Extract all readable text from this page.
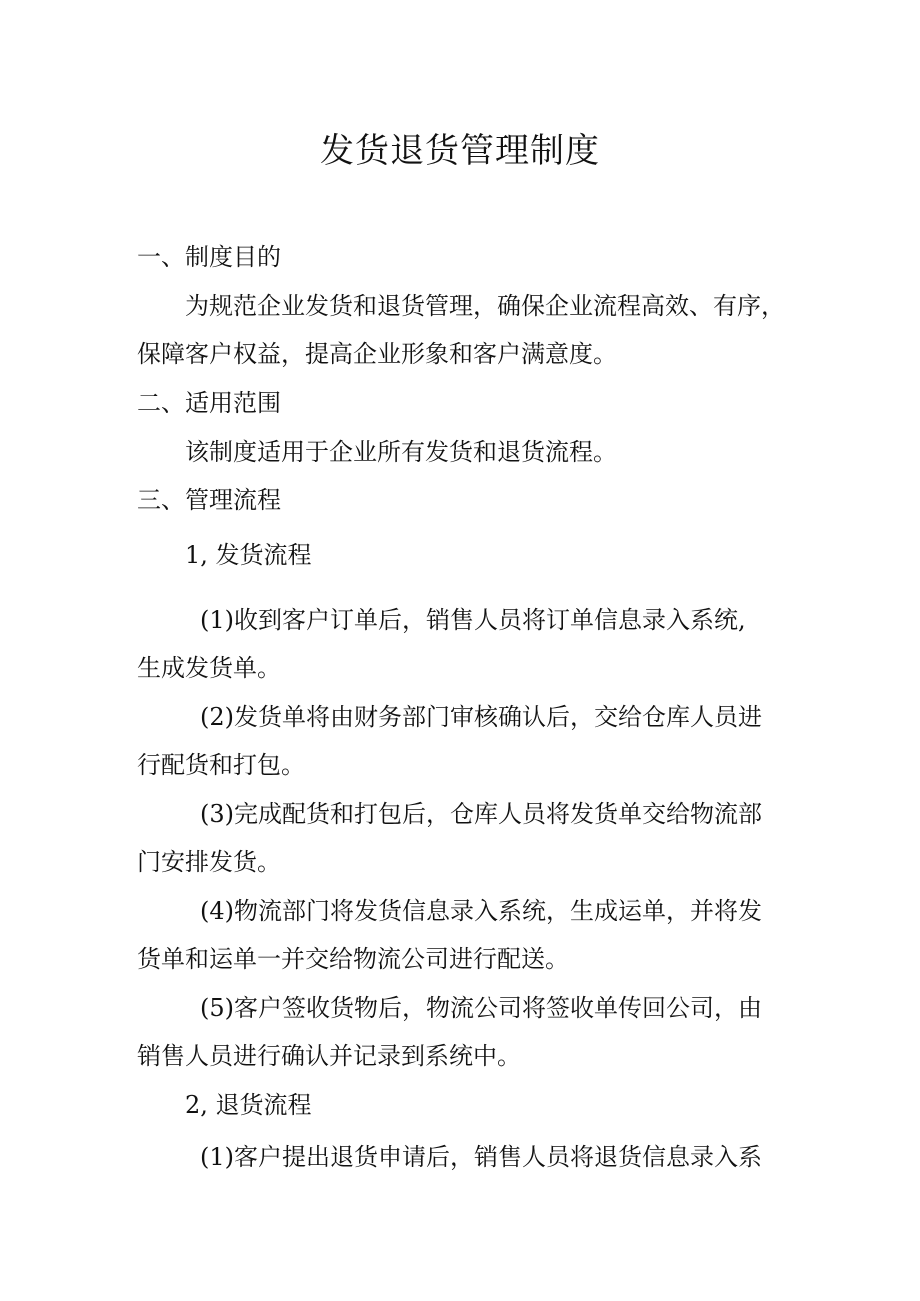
发货退货管理制度
一、制度目的
为规范企业发货和退货管理，确保企业流程高效、有序，
保障客户权益，提高企业形象和客户满意度。
二、适用范围
该制度适用于企业所有发货和退货流程。
三、管理流程
1, 发货流程
(1)收到客户订单后，销售人员将订单信息录入系统,
生成发货单。
(2)发货单将由财务部门审核确认后，交给仓库人员进
行配货和打包。
(3)完成配货和打包后，仓库人员将发货单交给物流部
门安排发货。
(4)物流部门将发货信息录入系统，生成运单，并将发
货单和运单一并交给物流公司进行配送。
(5)客户签收货物后，物流公司将签收单传回公司，由
销售人员进行确认并记录到系统中。
2, 退货流程
(1)客户提出退货申请后，销售人员将退货信息录入系
